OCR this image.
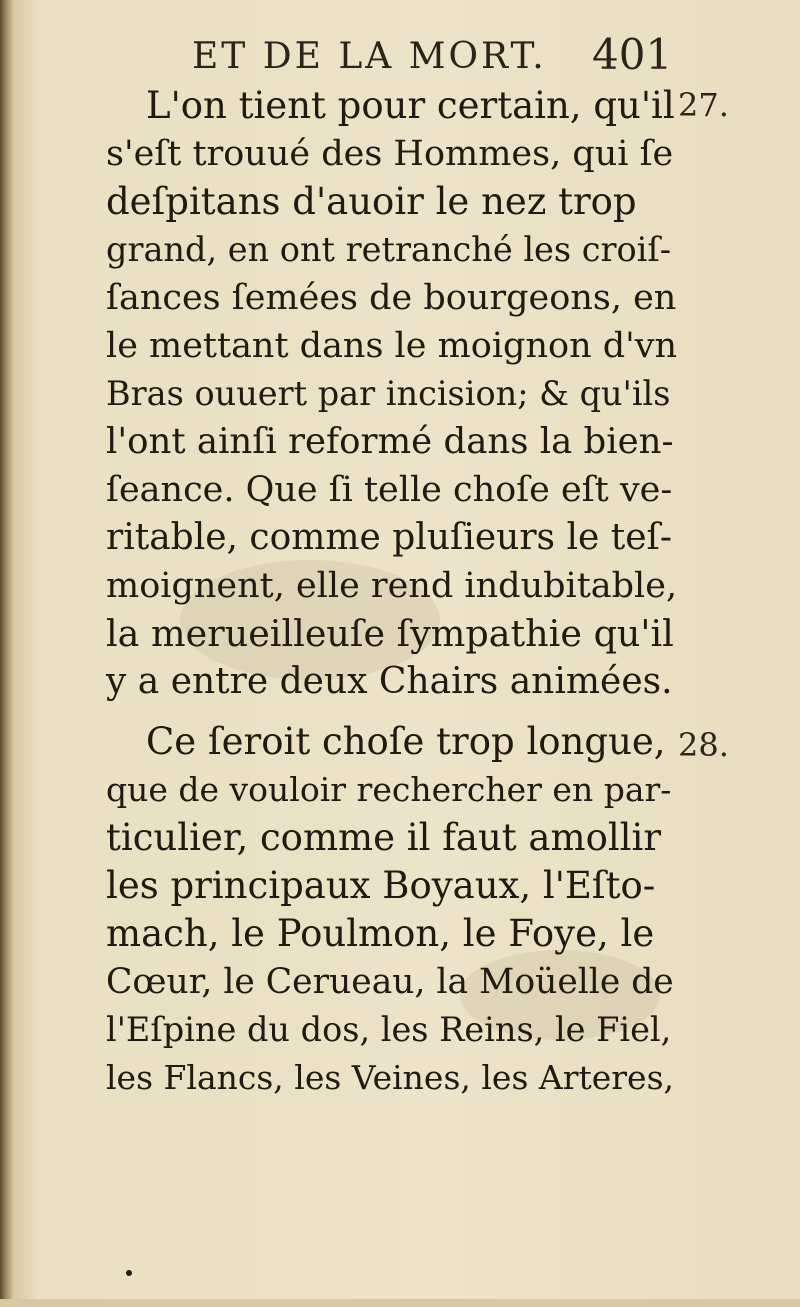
ET DE LA MORT. 401
L'on tient pour certain, qu'il
s'eſt trouué des Hommes, qui ſe
deſpitans d'auoir le nez trop
grand, en ont retranché les croiſ-
ſances ſemées de bourgeons, en
le mettant dans le moignon d'vn
Bras ouuert par incision; & qu'ils
l'ont ainſi reformé dans la bien-
ſeance. Que ſi telle choſe eſt ve-
ritable, comme pluſieurs le teſ-
moignent, elle rend indubitable,
la merueilleuſe ſympathie qu'il
y a entre deux Chairs animées.
Ce ſeroit choſe trop longue,
que de vouloir rechercher en par-
ticulier, comme il faut amollir
les principaux Boyaux, l'Eſto-
mach, le Poulmon, le Foye, le
Cœur, le Cerueau, la Moüelle de
l'Eſpine du dos, les Reins, le Fiel,
les Flancs, les Veines, les Arteres,
27.
28.
